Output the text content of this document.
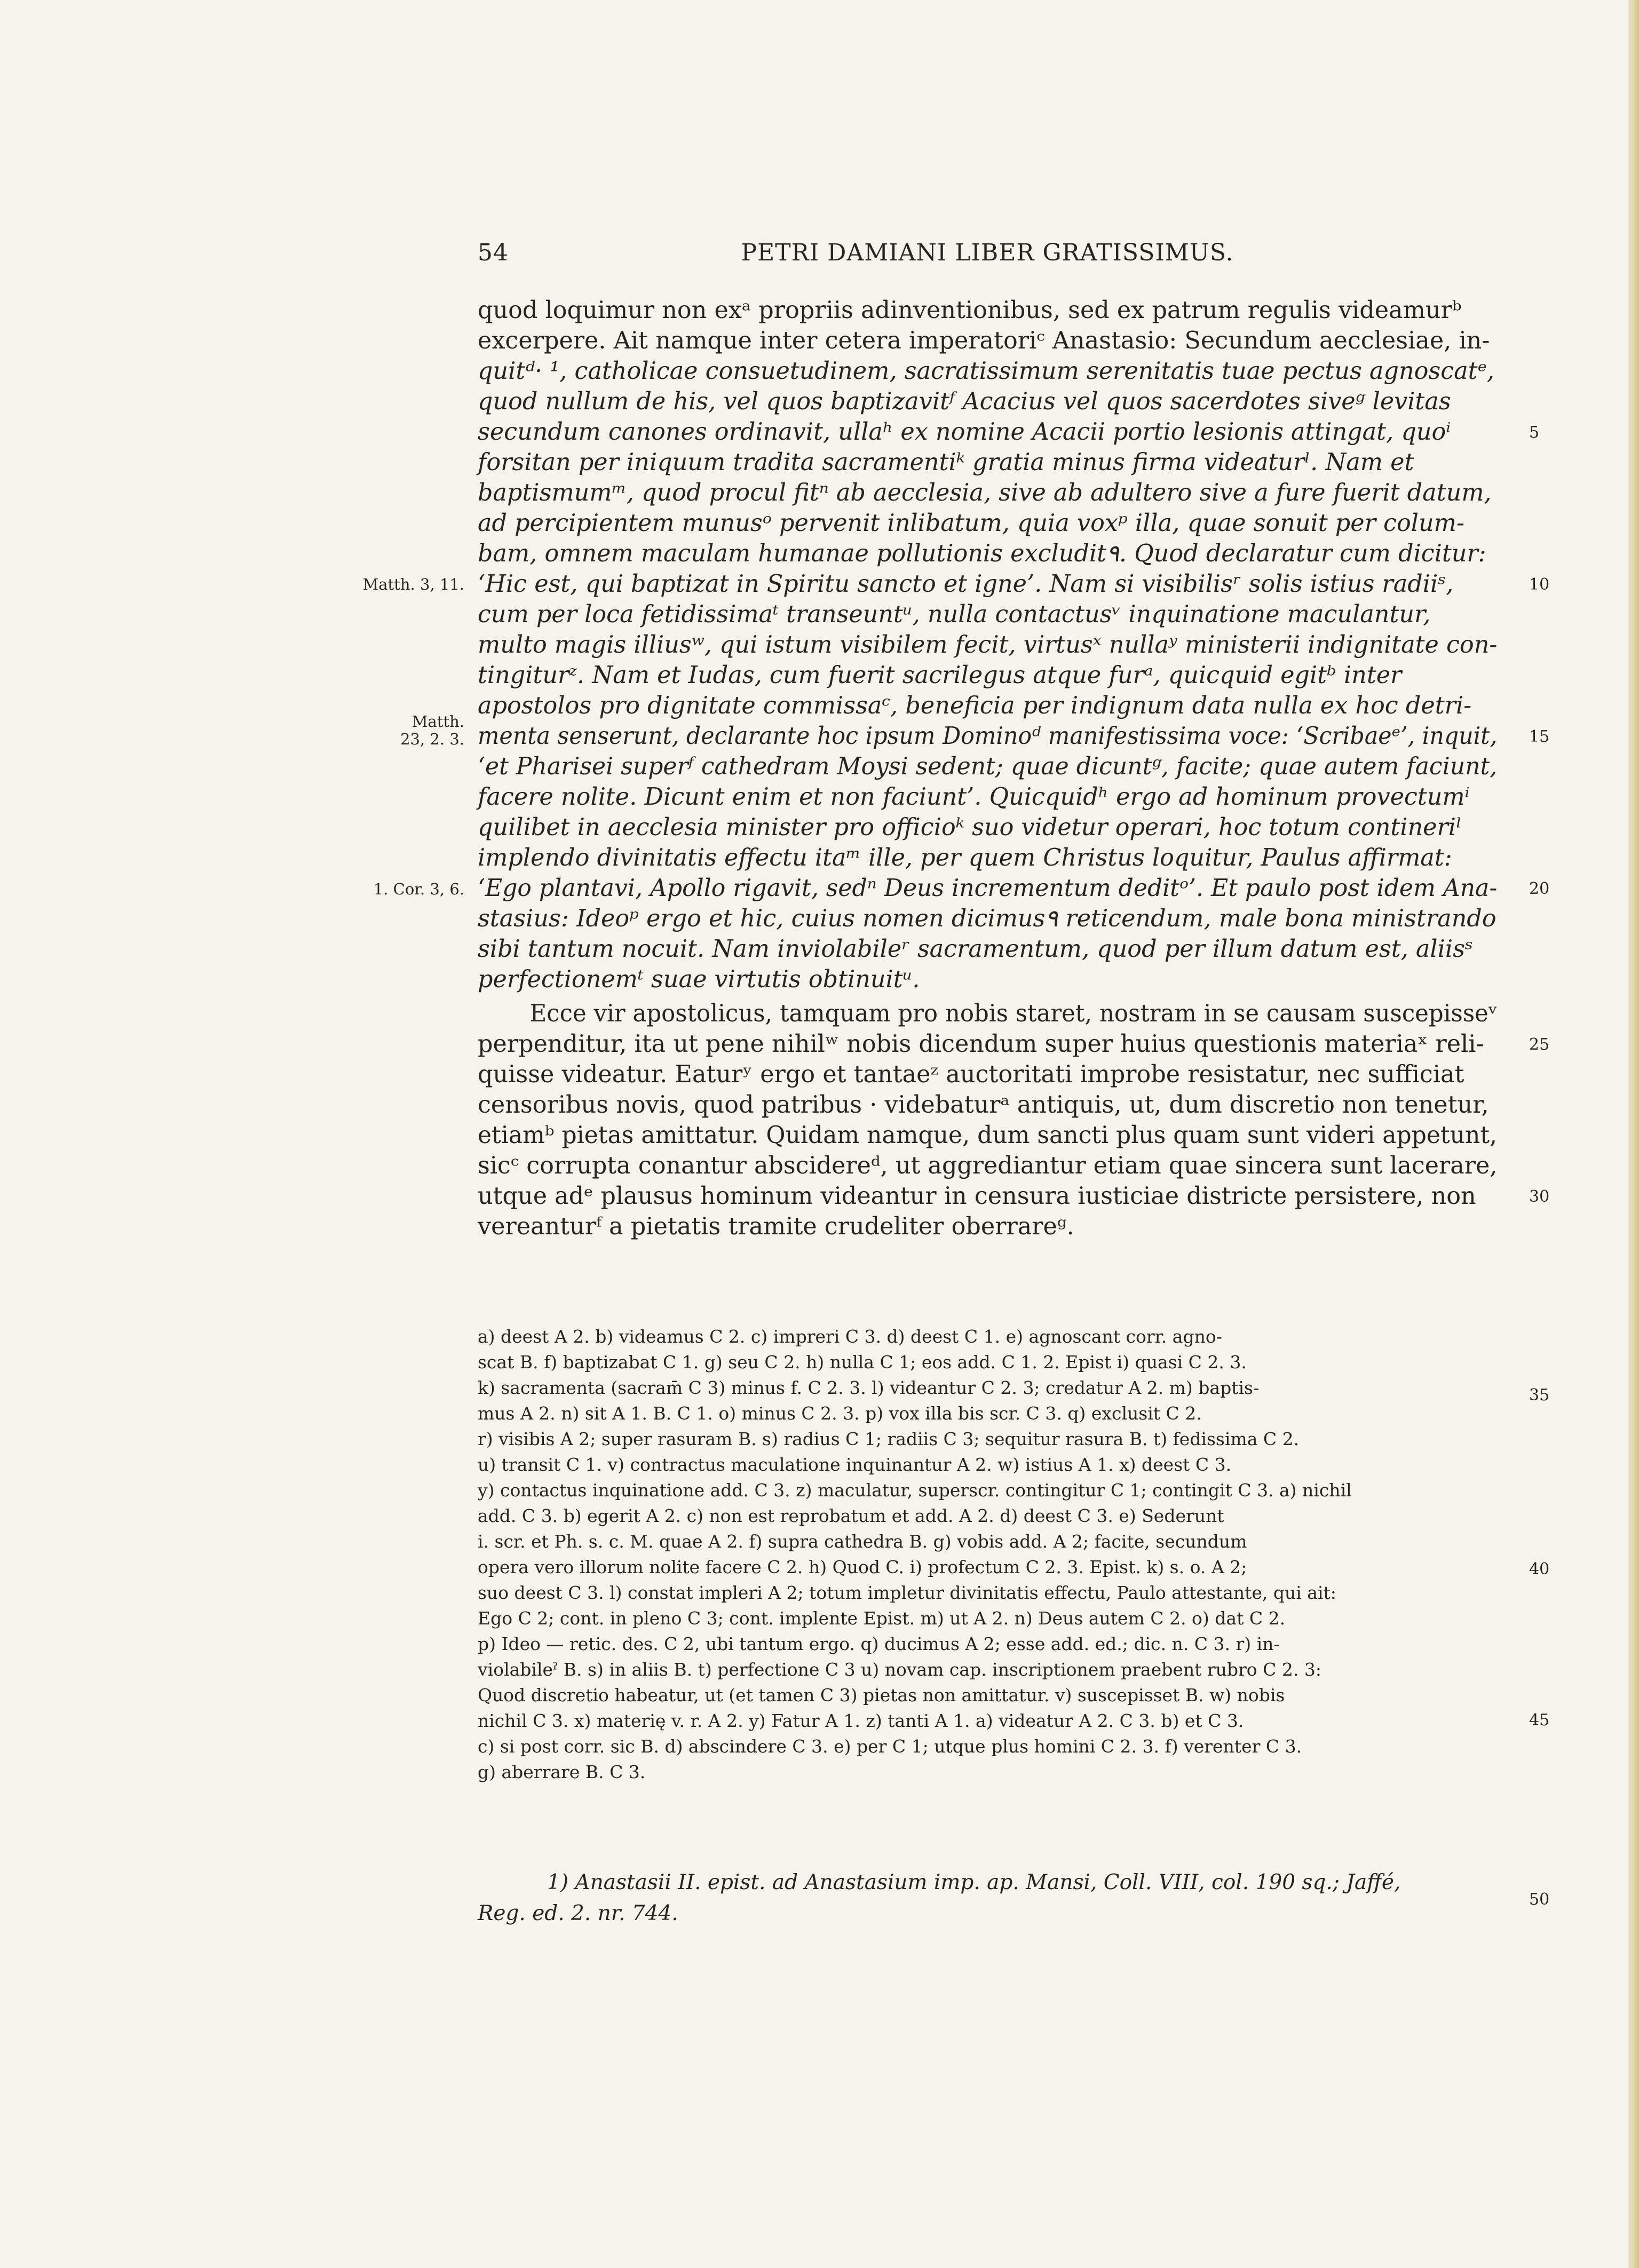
54	PETRI DAMIANI LIBER GRATISSIMUS.
quod loquimur non exᵃ propriis adinventionibus, sed ex patrum regulis videamurᵇ
excerpere. Ait namque inter cetera imperatoriᶜ Anastasio: Secundum aecclesiae, in-
quitᵈ· ¹, catholicae consuetudinem, sacratissimum serenitatis tuae pectus agnoscatᵉ,
quod nullum de his, vel quos baptizavitᶠ Acacius vel quos sacerdotes siveᵍ levitas
secundum canones ordinavit, ullaʰ ex nomine Acacii portio lesionis attingat, quoⁱ
forsitan per iniquum tradita sacramentiᵏ gratia minus firma videaturˡ. Nam et
baptismumᵐ, quod procul fitⁿ ab aecclesia, sive ab adultero sive a fure fuerit datum,
ad percipientem munusᵒ pervenit inlibatum, quia voxᵖ illa, quae sonuit per colum-
bam, omnem maculam humanae pollutionis excludit٩. Quod declaratur cum dicitur:
‘Hic est, qui baptizat in Spiritu sancto et igne’. Nam si visibilisʳ solis istius radiiˢ,
cum per loca fetidissimaᵗ transeuntᵘ, nulla contactusᵛ inquinatione maculantur,
multo magis illiusʷ, qui istum visibilem fecit, virtusˣ nullaʸ ministerii indignitate con-
tingiturᶻ. Nam et Iudas, cum fuerit sacrilegus atque furᵃ, quicquid egitᵇ inter
apostolos pro dignitate commissaᶜ, beneficia per indignum data nulla ex hoc detri-
menta senserunt, declarante hoc ipsum Dominoᵈ manifestissima voce: ‘Scribaeᵉ’, inquit,
‘et Pharisei superᶠ cathedram Moysi sedent; quae dicuntᵍ, facite; quae autem faciunt,
facere nolite. Dicunt enim et non faciunt’. Quicquidʰ ergo ad hominum provectumⁱ
quilibet in aecclesia minister pro officioᵏ suo videtur operari, hoc totum contineriˡ
implendo divinitatis effectu itaᵐ ille, per quem Christus loquitur, Paulus affirmat:
‘Ego plantavi, Apollo rigavit, sedⁿ Deus incrementum deditᵒ’. Et paulo post idem Ana-
stasius: Ideoᵖ ergo et hic, cuius nomen dicimus٩ reticendum, male bona ministrando
sibi tantum nocuit. Nam inviolabileʳ sacramentum, quod per illum datum est, aliisˢ
perfectionemᵗ suae virtutis obtinuitᵘ.
Ecce vir apostolicus, tamquam pro nobis staret, nostram in se causam suscepisseᵛ
perpenditur, ita ut pene nihilʷ nobis dicendum super huius questionis materiaˣ reli-
quisse videatur. Eaturʸ ergo et tantaeᶻ auctoritati improbe resistatur, nec sufficiat
censoribus novis, quod patribus · videbaturᵃ antiquis, ut, dum discretio non tenetur,
etiamᵇ pietas amittatur. Quidam namque, dum sancti plus quam sunt videri appetunt,
sicᶜ corrupta conantur abscidereᵈ, ut aggrediantur etiam quae sincera sunt lacerare,
utque adᵉ plausus hominum videantur in censura iusticiae districte persistere, non
vereanturᶠ a pietatis tramite crudeliter oberrareᵍ.
Matth. 3, 11.
Matth.
23, 2. 3.
1. Cor. 3, 6.
5
10
15
20
25
30
35
40
45
50
a) deest A 2. b) videamus C 2. c) impreri C 3. d) deest C 1. e) agnoscant corr. agno-
scat B. f) baptizabat C 1. g) seu C 2. h) nulla C 1; eos add. C 1. 2. Epist i) quasi C 2. 3.
k) sacramenta (sacram̄ C 3) minus f. C 2. 3. l) videantur C 2. 3; credatur A 2. m) baptis-
mus A 2. n) sit A 1. B. C 1. o) minus C 2. 3. p) vox illa bis scr. C 3. q) exclusit C 2.
r) visibis A 2; super rasuram B. s) radius C 1; radiis C 3; sequitur rasura B. t) fedissima C 2.
u) transit C 1. v) contractus maculatione inquinantur A 2. w) istius A 1. x) deest C 3.
y) contactus inquinatione add. C 3. z) maculatur, superscr. contingitur C 1; contingit C 3. a) nichil
add. C 3. b) egerit A 2. c) non est reprobatum et add. A 2. d) deest C 3. e) Sederunt
i. scr. et Ph. s. c. M. quae A 2. f) supra cathedra B. g) vobis add. A 2; facite, secundum
opera vero illorum nolite facere C 2. h) Quod C. i) profectum C 2. 3. Epist. k) s. o. A 2;
suo deest C 3. l) constat impleri A 2; totum impletur divinitatis effectu, Paulo attestante, qui ait:
Ego C 2; cont. in pleno C 3; cont. implente Epist. m) ut A 2. n) Deus autem C 2. o) dat C 2.
p) Ideo — retic. des. C 2, ubi tantum ergo. q) ducimus A 2; esse add. ed.; dic. n. C 3. r) in-
violabileˀ B. s) in aliis B. t) perfectione C 3 u) novam cap. inscriptionem praebent rubro C 2. 3:
Quod discretio habeatur, ut (et tamen C 3) pietas non amittatur. v) suscepisset B. w) nobis
nichil C 3. x) materię v. r. A 2. y) Fatur A 1. z) tanti A 1. a) videatur A 2. C 3. b) et C 3.
c) si post corr. sic B. d) abscindere C 3. e) per C 1; utque plus homini C 2. 3. f) verenter C 3.
g) aberrare B. C 3.
1) Anastasii II. epist. ad Anastasium imp. ap. Mansi, Coll. VIII, col. 190 sq.; Jaffé,
Reg. ed. 2. nr. 744.
